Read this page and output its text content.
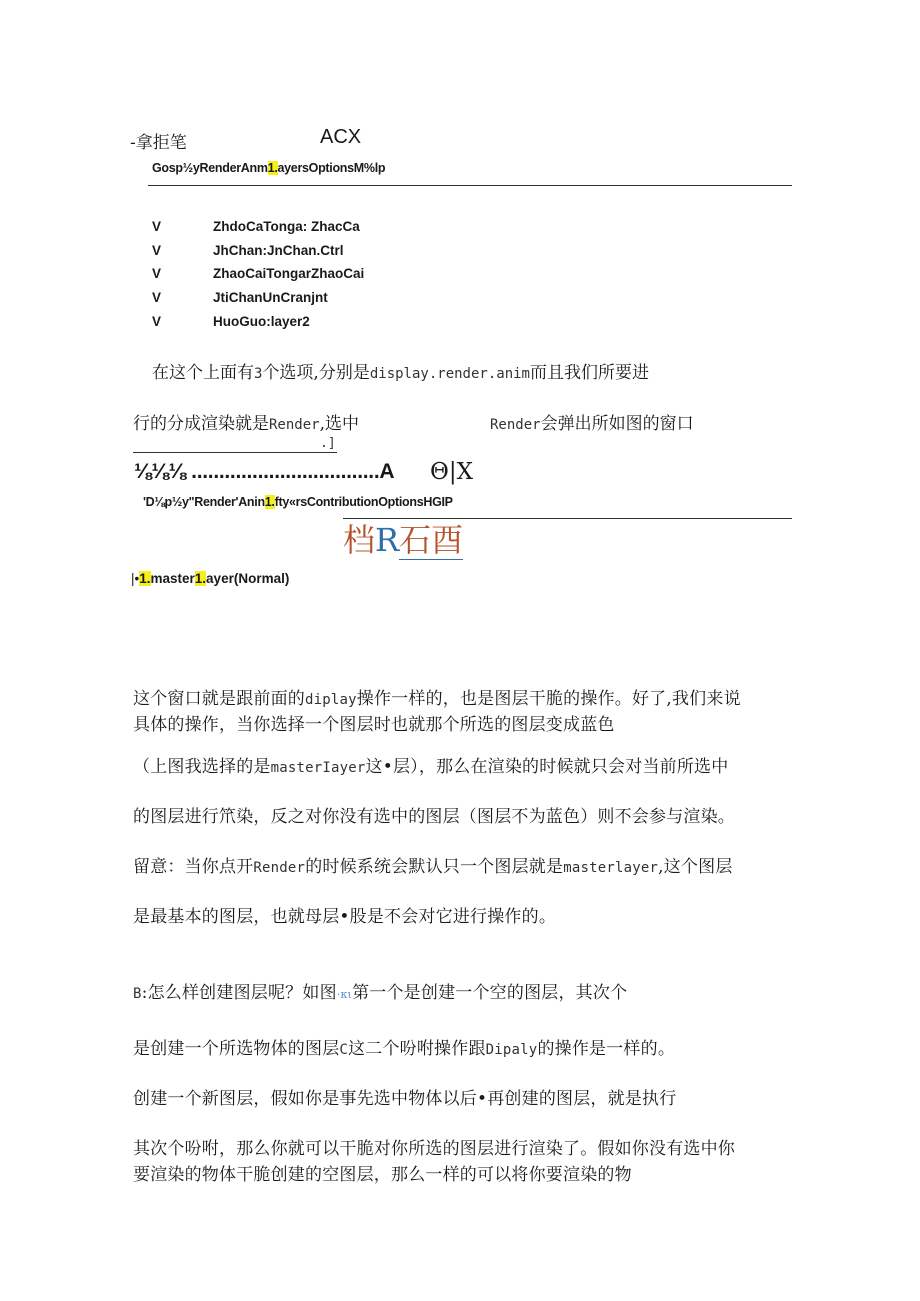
-拿拒笔	ACX
Gosp½yRenderAnm1.ayersOptionsM%lp
V	ZhdoCaTonga: ZhacCa
V	JhChan:JnChan.Ctrl
V	ZhaoCaiTongarZhaoCai
V	JtiChanUnCranjnt
V	HuoGuo:layer2
在这个上面有3个选项,分别是display.render.anim而且我们所要进
行的分成渲染就是Render,选中	Render会弹出所如图的窗口
.]
⅛⅛⅛ ..................................A Θ|X
'D⅛p½y"Render'Anin1.fty«rsContributionOptionsHGIP
档R石酉
|•1.master1.ayer(Normal)
这个窗口就是跟前面的diplay操作一样的，也是图层干脆的操作。好了,我们来说
具体的操作，当你选择一个图层时也就那个所选的图层变成蓝色
（上图我选择的是masterIayer这•层），那么在渲染的时候就只会对当前所选中
的图层进行笊染，反之对你没有选中的图层（图层不为蓝色）则不会参与渲染。
留意：当你点开Render的时候系统会默认只一个图层就是masterlayer,这个图层
是最基本的图层，也就母层•股是不会对它进行操作的。
B:怎么样创建图层呢？如图·κι第一个是创建一个空的图层，其次个
是创建一个所选物体的图层C这二个吩咐操作跟Dipaly的操作是一样的。
创建一个新图层，假如你是事先选中物体以后•再创建的图层，就是执行
其次个吩咐，那么你就可以干脆对你所选的图层进行渲染了。假如你没有选中你
要渲染的物体干脆创建的空图层，那么一样的可以将你要渲染的物
